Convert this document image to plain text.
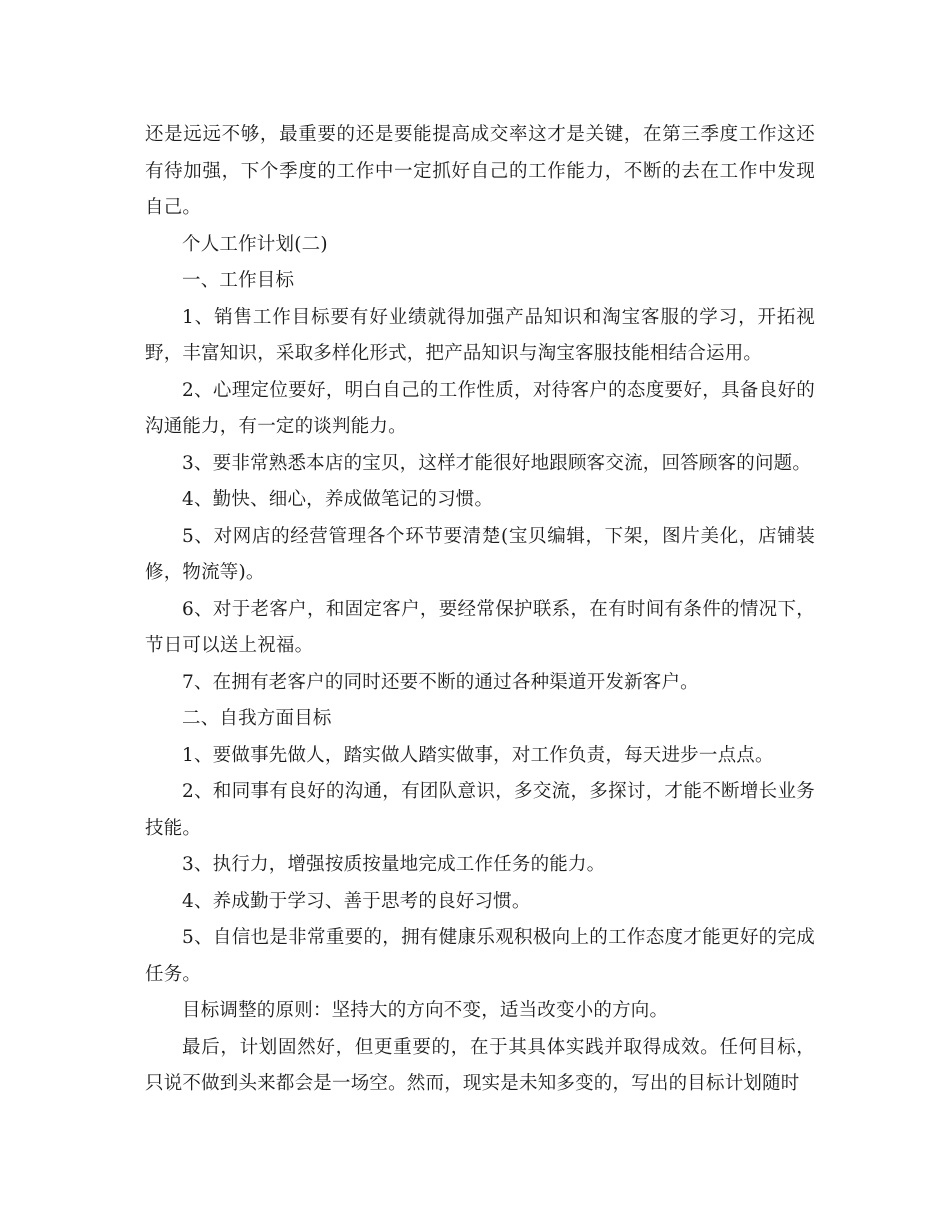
还是远远不够，最重要的还是要能提高成交率这才是关键，在第三季度工作这还有待加强，下个季度的工作中一定抓好自己的工作能力，不断的去在工作中发现自己。

个人工作计划(二)

一、工作目标

1、销售工作目标要有好业绩就得加强产品知识和淘宝客服的学习，开拓视野，丰富知识，采取多样化形式，把产品知识与淘宝客服技能相结合运用。

2、心理定位要好，明白自己的工作性质，对待客户的态度要好，具备良好的沟通能力，有一定的谈判能力。

3、要非常熟悉本店的宝贝，这样才能很好地跟顾客交流，回答顾客的问题。

4、勤快、细心，养成做笔记的习惯。

5、对网店的经营管理各个环节要清楚(宝贝编辑，下架，图片美化，店铺装修，物流等)。

6、对于老客户，和固定客户，要经常保护联系，在有时间有条件的情况下，节日可以送上祝福。

7、在拥有老客户的同时还要不断的通过各种渠道开发新客户。

二、自我方面目标

1、要做事先做人，踏实做人踏实做事，对工作负责，每天进步一点点。

2、和同事有良好的沟通，有团队意识，多交流，多探讨，才能不断增长业务技能。

3、执行力，增强按质按量地完成工作任务的能力。

4、养成勤于学习、善于思考的良好习惯。

5、自信也是非常重要的，拥有健康乐观积极向上的工作态度才能更好的完成任务。

目标调整的原则：坚持大的方向不变，适当改变小的方向。

最后，计划固然好，但更重要的，在于其具体实践并取得成效。任何目标，只说不做到头来都会是一场空。然而，现实是未知多变的，写出的目标计划随时
